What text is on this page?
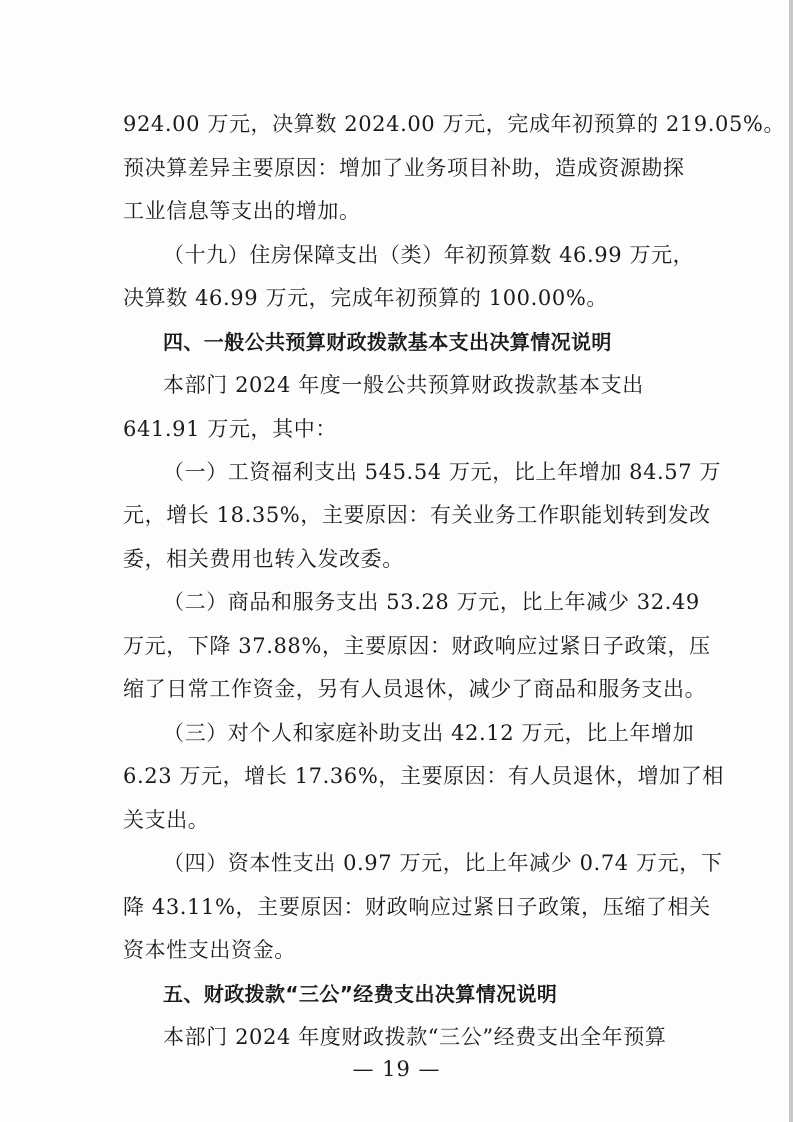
924.00 万元，决算数 2024.00 万元，完成年初预算的 219.05%。
预决算差异主要原因：增加了业务项目补助，造成资源勘探
工业信息等支出的增加。
（十九）住房保障支出（类）年初预算数 46.99 万元，
决算数 46.99 万元，完成年初预算的 100.00%。
四、一般公共预算财政拨款基本支出决算情况说明
本部门 2024 年度一般公共预算财政拨款基本支出
641.91 万元，其中：
（一）工资福利支出 545.54 万元，比上年增加 84.57 万
元，增长 18.35%，主要原因：有关业务工作职能划转到发改
委，相关费用也转入发改委。
（二）商品和服务支出 53.28 万元，比上年减少 32.49
万元，下降 37.88%，主要原因：财政响应过紧日子政策，压
缩了日常工作资金，另有人员退休，减少了商品和服务支出。
（三）对个人和家庭补助支出 42.12 万元，比上年增加
6.23 万元，增长 17.36%，主要原因：有人员退休，增加了相
关支出。
（四）资本性支出 0.97 万元，比上年减少 0.74 万元，下
降 43.11%，主要原因：财政响应过紧日子政策，压缩了相关
资本性支出资金。
五、财政拨款“三公”经费支出决算情况说明
本部门 2024 年度财政拨款“三公”经费支出全年预算
— 19 —
